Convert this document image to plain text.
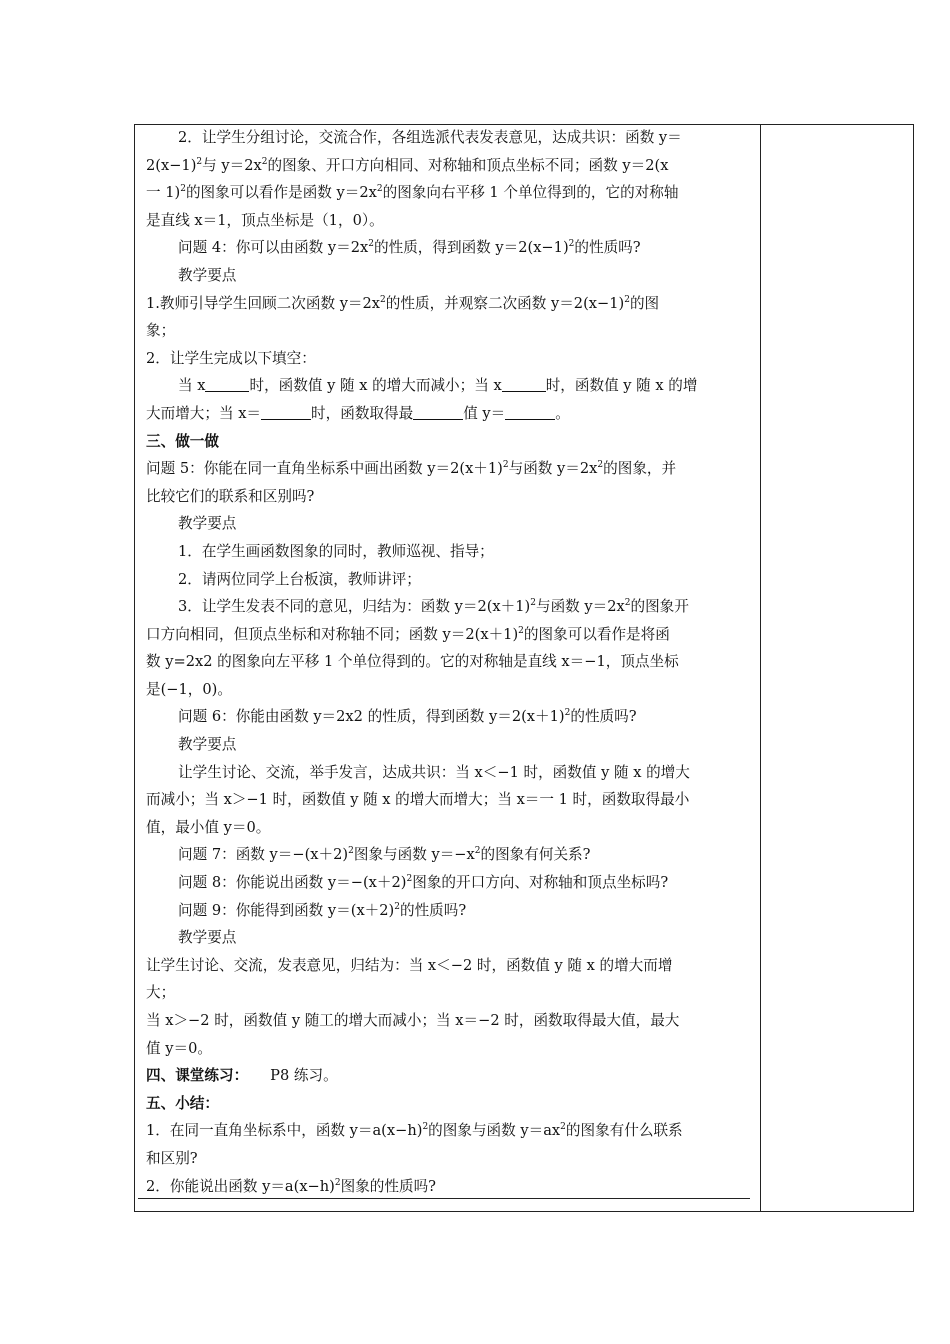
2．让学生分组讨论，交流合作，各组选派代表发表意见，达成共识：函数 y＝
$2(x-1)^2$与 $y=2x^2$的图象、开口方向相同、对称轴和顶点坐标不同；函数 y＝2(x
一 1)$^2$的图象可以看作是函数 $y=2x^2$的图象向右平移 1 个单位得到的，它的对称轴
是直线 x＝1，顶点坐标是（1，0）。
问题 4：你可以由函数 $y=2x^2$的性质，得到函数 $y=2(x-1)^2$的性质吗?
教学要点
1.教师引导学生回顾二次函数 $y=2x^2$的性质，并观察二次函数 $y=2(x-1)^2$的图
象；
2．让学生完成以下填空：
当 x	时，函数值 y 随 x 的增大而减小；当 x	时，函数值 y 随 x 的增
大而增大；当 x＝	时，函数取得最	值 y＝	。
三、做一做
问题 5：你能在同一直角坐标系中画出函数 $y=2(x+1)^2$与函数 $y=2x^2$的图象，并
比较它们的联系和区别吗?
教学要点
1．在学生画函数图象的同时，教师巡视、指导；
2．请两位同学上台板演，教师讲评；
3．让学生发表不同的意见，归结为：函数 $y=2(x+1)^2$与函数 $y=2x^2$的图象开
口方向相同，但顶点坐标和对称轴不同；函数 $y=2(x+1)^2$的图象可以看作是将函
数 y=2x2 的图象向左平移 1 个单位得到的。它的对称轴是直线 x＝−1，顶点坐标
是(−1，0)。
问题 6：你能由函数 y＝2x2 的性质，得到函数 $y=2(x+1)^2$的性质吗?
教学要点
让学生讨论、交流，举手发言，达成共识：当 x＜−1 时，函数值 y 随 x 的增大
而减小；当 x＞−1 时，函数值 y 随 x 的增大而增大；当 x＝一 1 时，函数取得最小
值，最小值 y＝0。
问题 7：函数 $y=-(x+2)^2$图象与函数 $y=-x^2$的图象有何关系?
问题 8：你能说出函数 $y=-(x+2)^2$图象的开口方向、对称轴和顶点坐标吗?
问题 9：你能得到函数 $y=(x+2)^2$的性质吗?
教学要点
让学生讨论、交流，发表意见，归结为：当 x＜−2 时，函数值 y 随 x 的增大而增
大；
当 x＞−2 时，函数值 y 随工的增大而减小；当 x＝−2 时，函数取得最大值，最大
值 y＝0。
四、课堂练习： P8 练习。
五、小结：
1．在同一直角坐标系中，函数 $y=a(x-h)^2$的图象与函数 $y=ax^2$的图象有什么联系
和区别?
2．你能说出函数 $y=a(x-h)^2$图象的性质吗?
